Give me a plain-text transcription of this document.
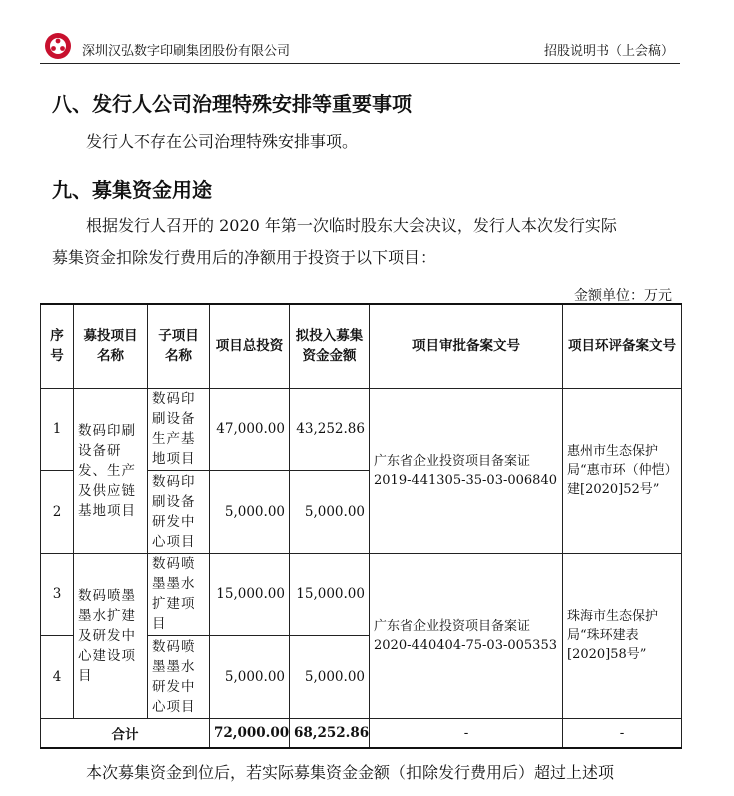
深圳汉弘数字印刷集团股份有限公司	招股说明书（上会稿）
八、发行人公司治理特殊安排等重要事项
发行人不存在公司治理特殊安排事项。
九、募集资金用途
根据发行人召开的 2020 年第一次临时股东大会决议，发行人本次发行实际
募集资金扣除发行费用后的净额用于投资于以下项目：
金额单位：万元
序号	募投项目名称	子项目名称	项目总投资	拟投入募集资金金额	项目审批备案文号	项目环评备案文号
1	数码印刷设备研发、生产及供应链基地项目	数码印刷设备生产基地项目	47,000.00	43,252.86	广东省企业投资项目备案证 2019-441305-35-03-006840	惠州市生态保护局“惠市环（仲恺）建[2020]52号”
2		数码印刷设备研发中心项目	5,000.00	5,000.00		
3	数码喷墨墨水扩建及研发中心建设项目	数码喷墨墨水扩建项目	15,000.00	15,000.00	广东省企业投资项目备案证 2020-440404-75-03-005353	珠海市生态保护局“珠环建表[2020]58号”
4		数码喷墨墨水研发中心项目	5,000.00	5,000.00		
合计			72,000.00	68,252.86	-	-
本次募集资金到位后，若实际募集资金金额（扣除发行费用后）超过上述项
